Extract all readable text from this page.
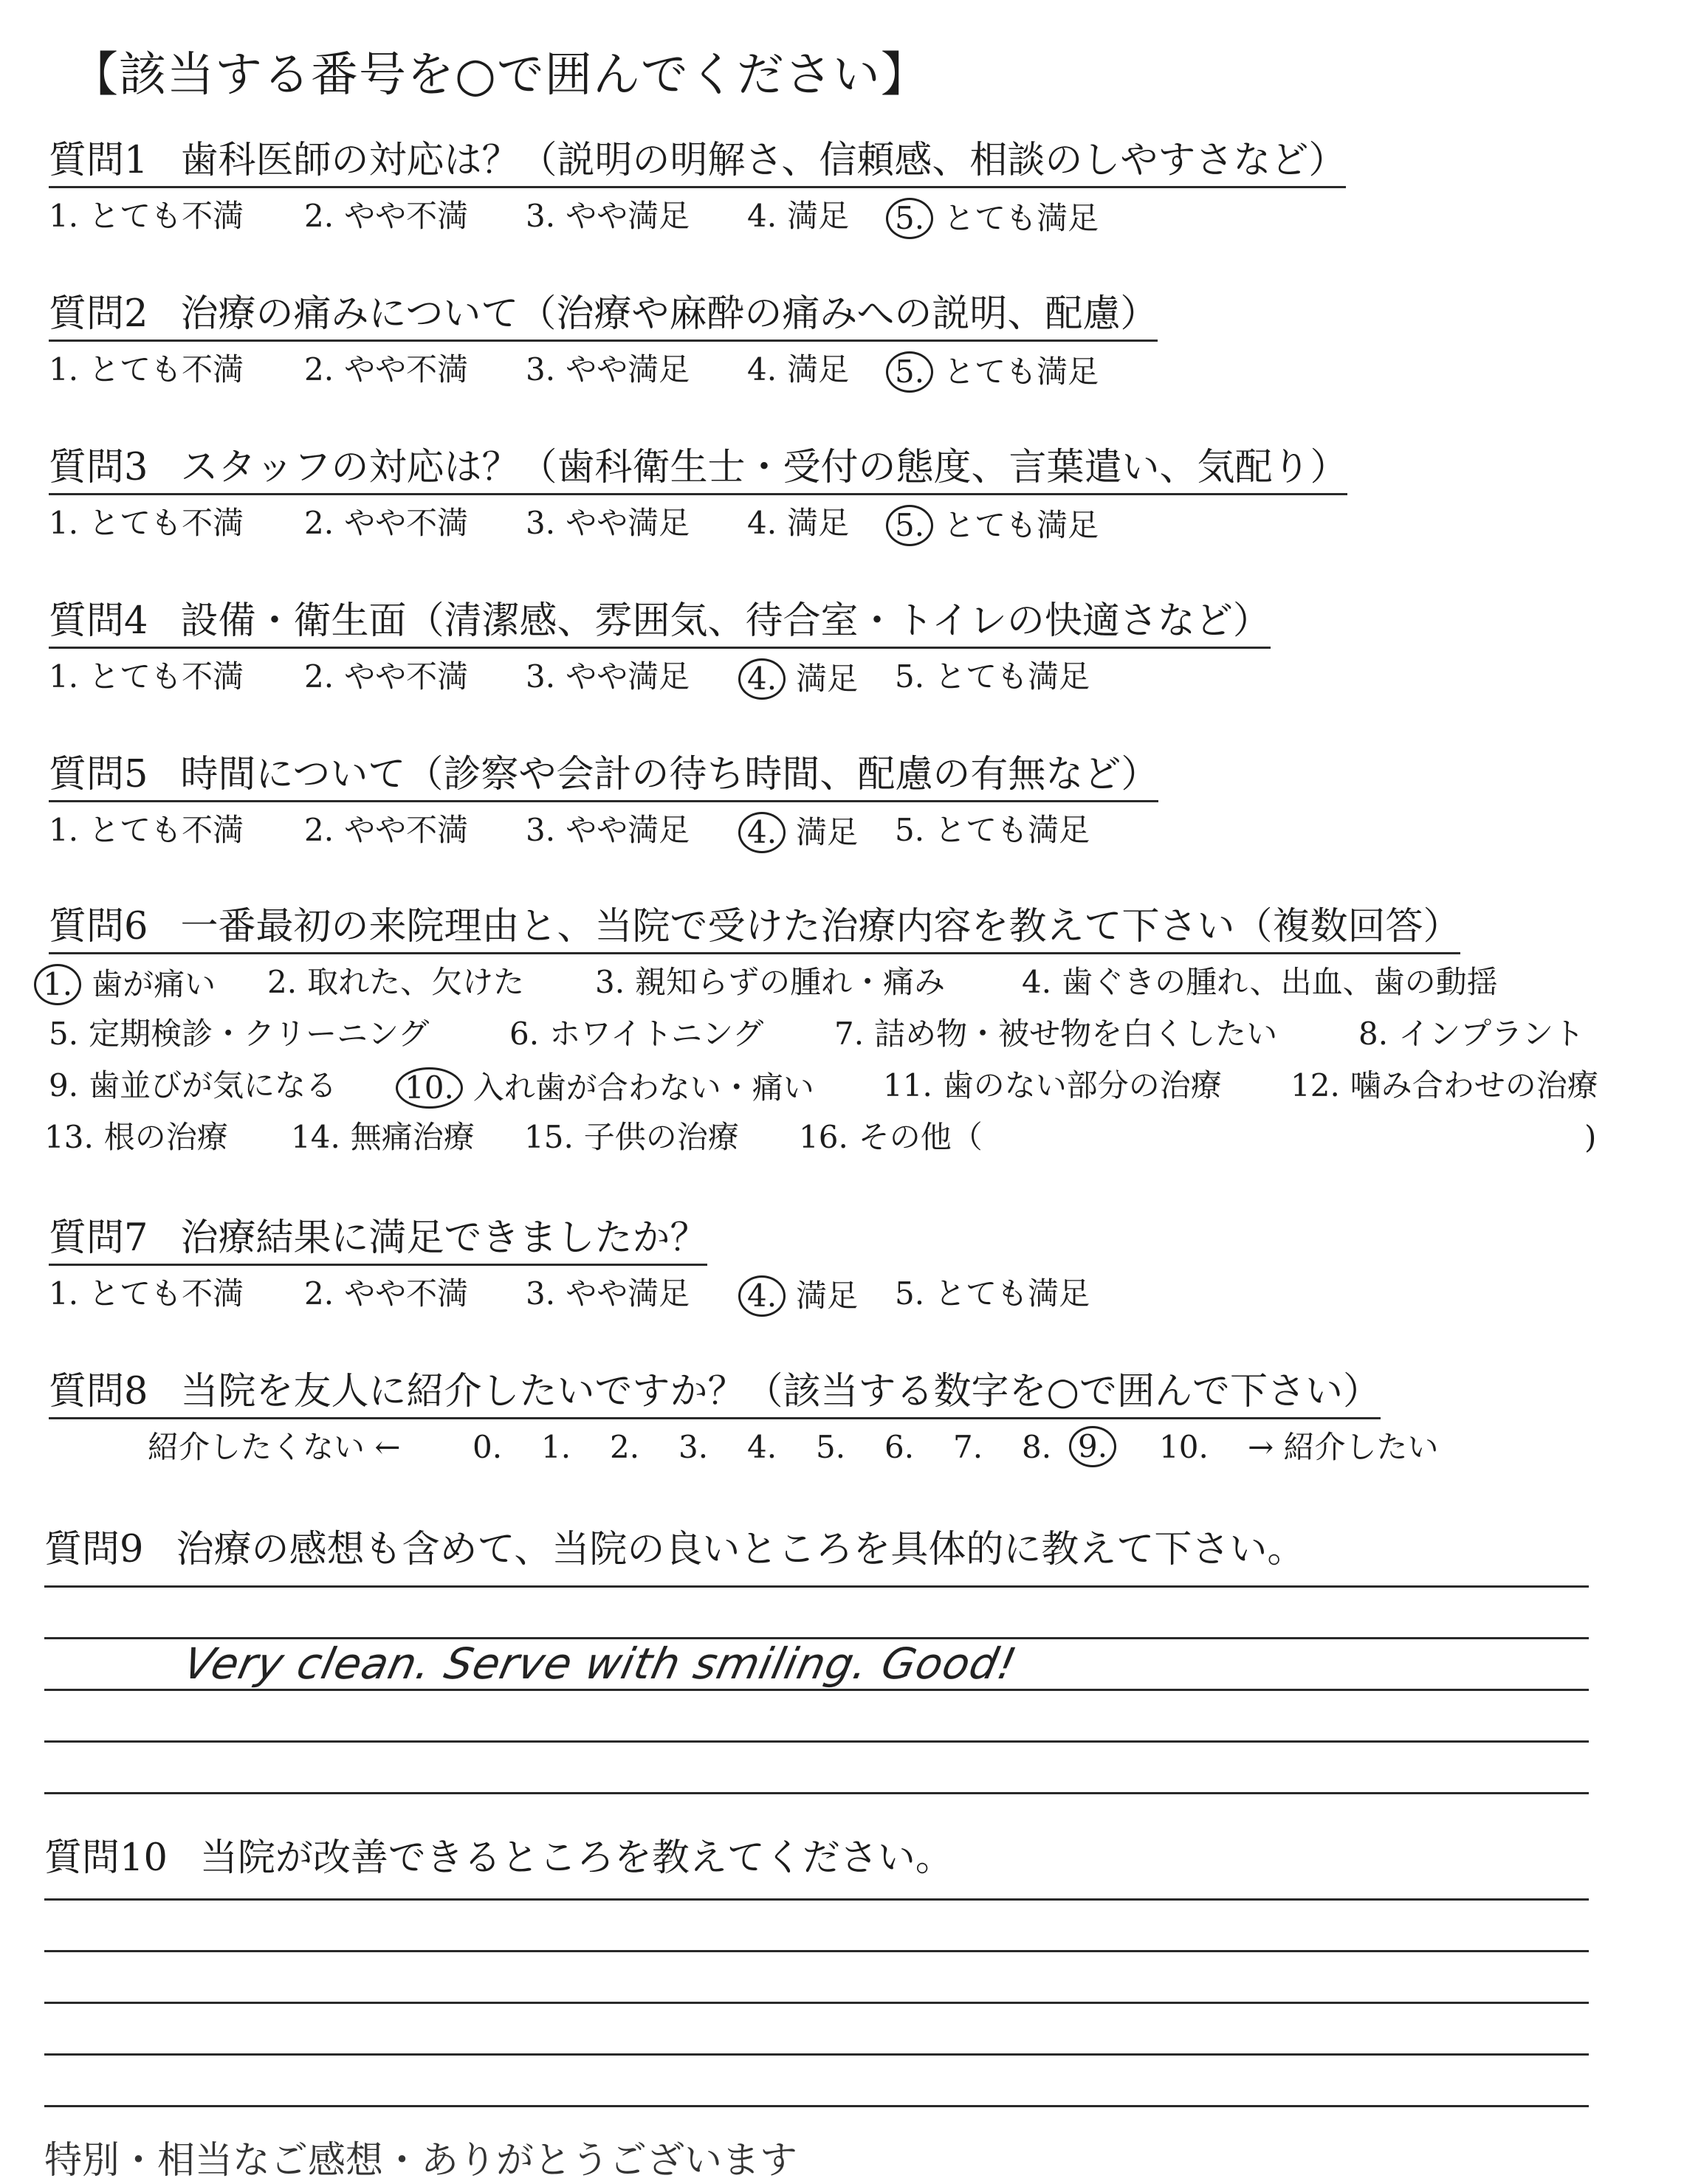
【該当する番号を○で囲んでください】
質問1 歯科医師の対応は？（説明の明解さ、信頼感、相談のしやすさなど）
1. とても不満 2. やや不満 3. やや満足 4. 満足 5. とても満足
質問2 治療の痛みについて（治療や麻酔の痛みへの説明、配慮）
1. とても不満 2. やや不満 3. やや満足 4. 満足 5. とても満足
質問3 スタッフの対応は？（歯科衛生士・受付の態度、言葉遣い、気配り）
1. とても不満 2. やや不満 3. やや満足 4. 満足 5. とても満足
質問4 設備・衛生面（清潔感、雰囲気、待合室・トイレの快適さなど）
1. とても不満 2. やや不満 3. やや満足 4. 満足 5. とても満足
質問5 時間について（診察や会計の待ち時間、配慮の有無など）
1. とても不満 2. やや不満 3. やや満足 4. 満足 5. とても満足
質問6 一番最初の来院理由と、当院で受けた治療内容を教えて下さい（複数回答）
1. 歯が痛い 2. 取れた、欠けた 3. 親知らずの腫れ・痛み 4. 歯ぐきの腫れ、出血、歯の動揺
5. 定期検診・クリーニング	6. ホワイトニング 7. 詰め物・被せ物を白くしたい	8. インプラント
9. 歯並びが気になる 10. 入れ歯が合わない・痛い 11. 歯のない部分の治療 12. 噛み合わせの治療
13. 根の治療 14. 無痛治療 15. 子供の治療 16. その他（	)
質問7 治療結果に満足できましたか？
1. とても不満 2. やや不満 3. やや満足 4. 満足 5. とても満足
質問8 当院を友人に紹介したいですか？（該当する数字を○で囲んで下さい）
紹介したくない ← 0. 1. 2. 3. 4. 5. 6. 7. 8. 9. 10. → 紹介したい
質問9 治療の感想も含めて、当院の良いところを具体的に教えて下さい。
Very clean. Serve with smiling. Good!
質問10 当院が改善できるところを教えてください。
特別・相当なご感想・ありがとうございます
